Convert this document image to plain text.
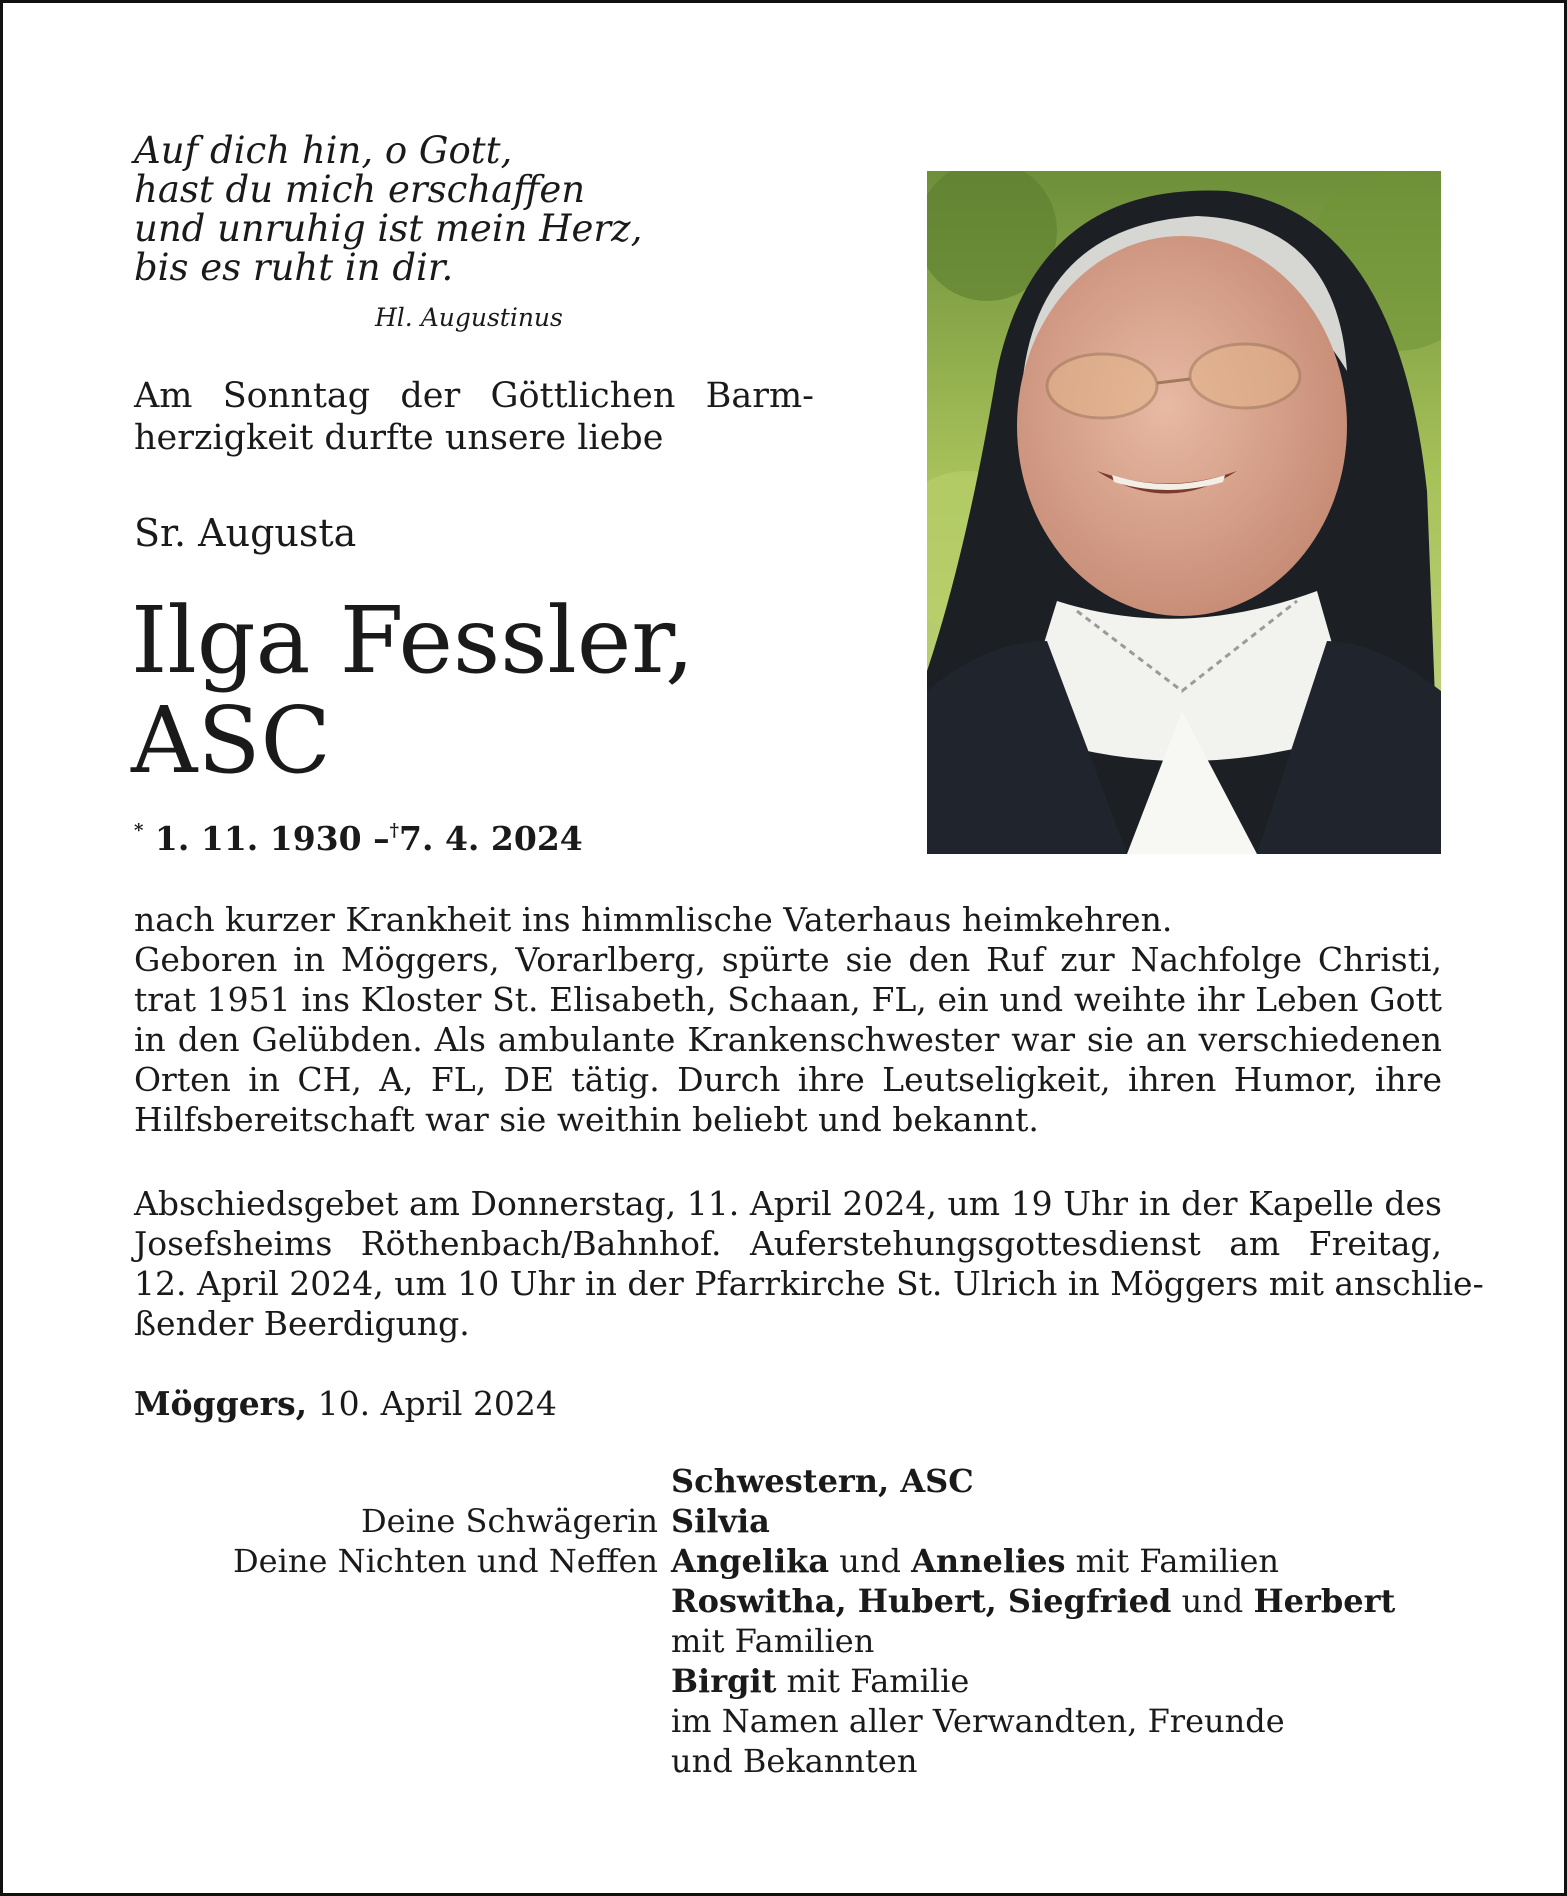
Auf dich hin, o Gott,
hast du mich erschaffen
und unruhig ist mein Herz,
bis es ruht in dir.
Hl. Augustinus
Am Sonntag der Göttlichen Barm-
herzigkeit durfte unsere liebe
Sr. Augusta
Ilga Fessler,
ASC
* 1. 11. 1930 –†7. 4. 2024
nach kurzer Krankheit ins himmlische Vaterhaus heimkehren.
Geboren in Möggers, Vorarlberg, spürte sie den Ruf zur Nachfolge Christi,
trat 1951 ins Kloster St. Elisabeth, Schaan, FL, ein und weihte ihr Leben Gott
in den Gelübden. Als ambulante Krankenschwester war sie an verschiedenen
Orten in CH, A, FL, DE tätig. Durch ihre Leutseligkeit, ihren Humor, ihre
Hilfsbereitschaft war sie weithin beliebt und bekannt.
Abschiedsgebet am Donnerstag, 11. April 2024, um 19 Uhr in der Kapelle des
Josefsheims Röthenbach/Bahnhof. Auferstehungsgottesdienst am Freitag,
12. April 2024, um 10 Uhr in der Pfarrkirche St. Ulrich in Möggers mit anschlie-
ßender Beerdigung.
Möggers, 10. April 2024
Deine Schwägerin
Deine Nichten und Neffen
Schwestern, ASC
Silvia
Angelika und Annelies mit Familien
Roswitha, Hubert, Siegfried und Herbert
mit Familien
Birgit mit Familie
im Namen aller Verwandten, Freunde
und Bekannten
